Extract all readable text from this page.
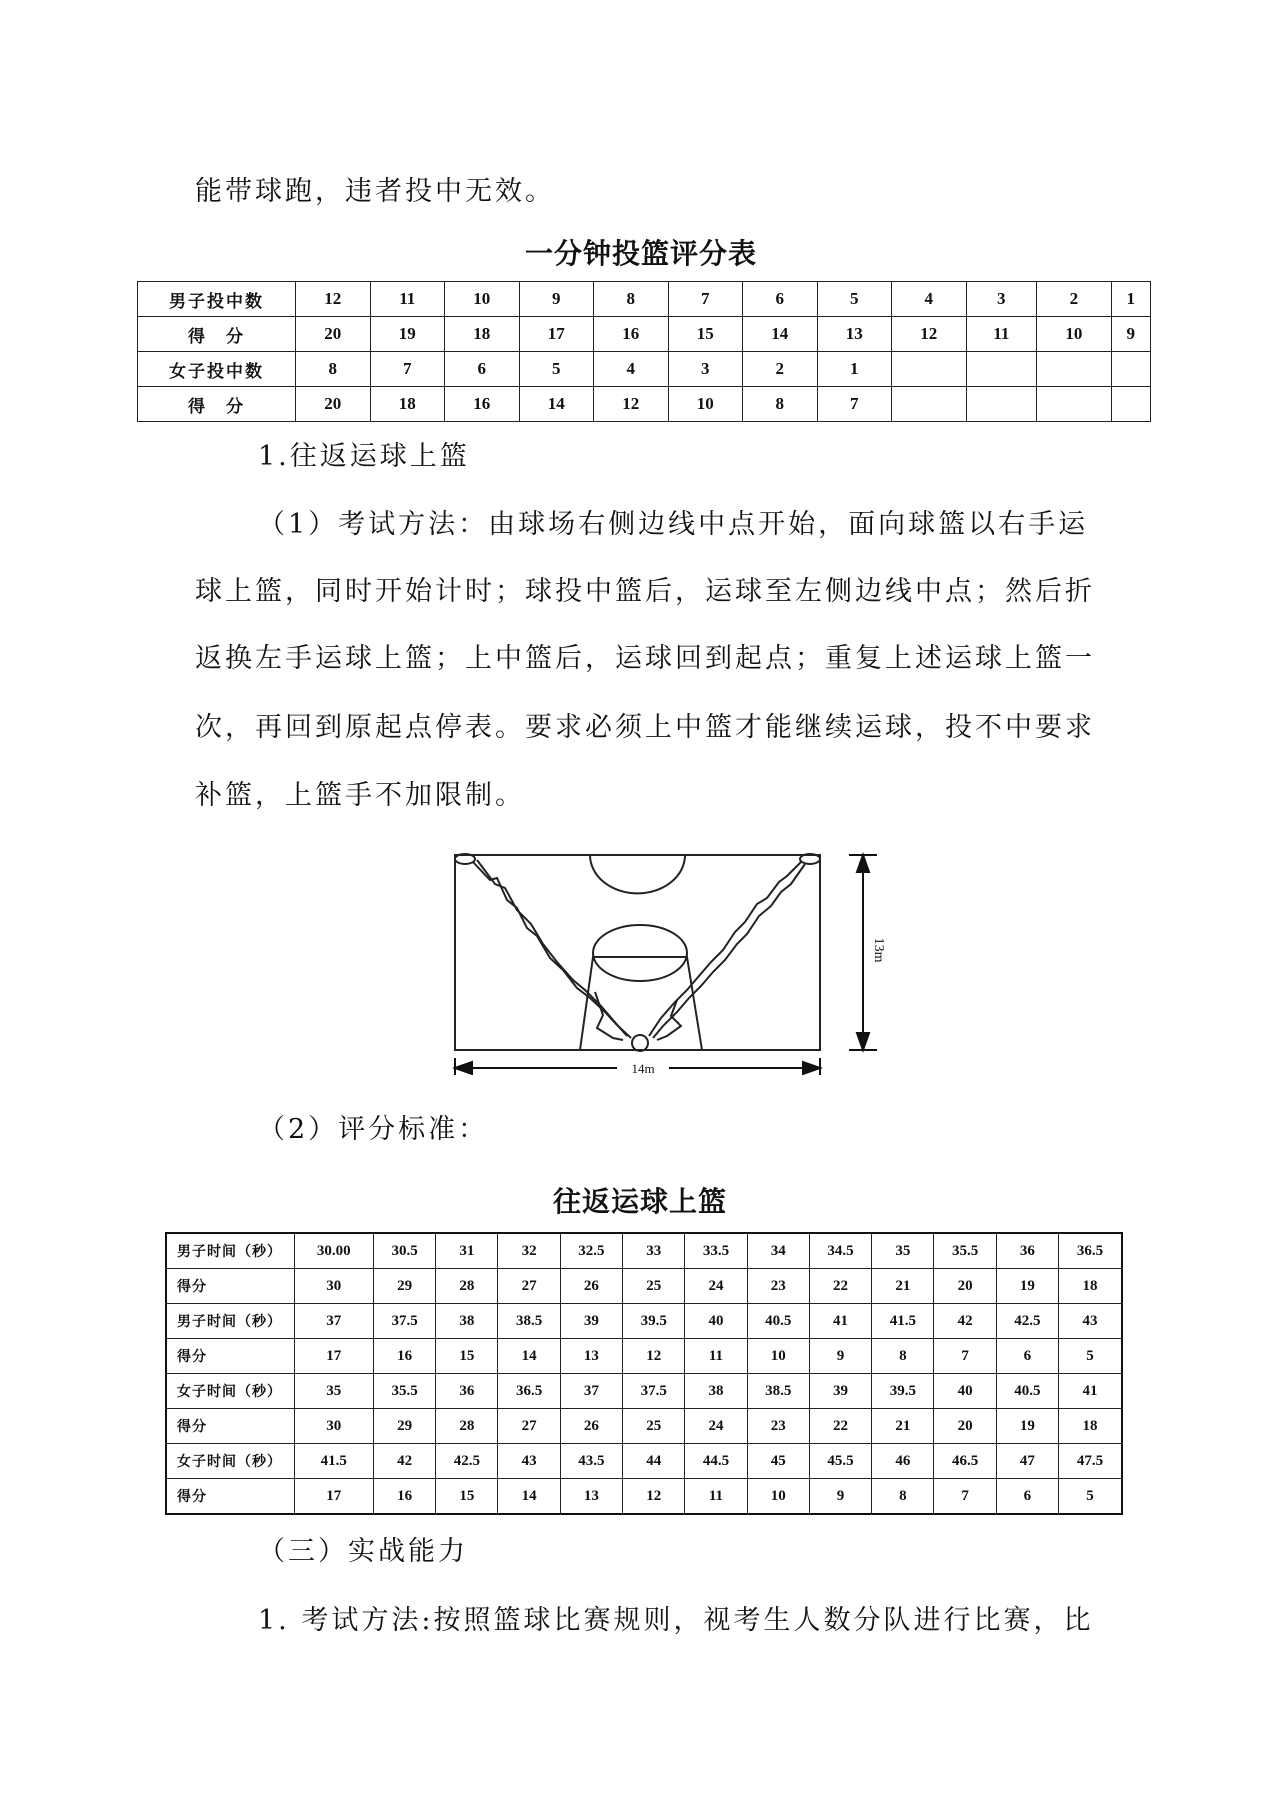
能带球跑，违者投中无效。
一分钟投篮评分表
男子投中数	12	11	10	9	8	7	6	5	4	3	2	1
得　分	20	19	18	17	16	15	14	13	12	11	10	9
女子投中数	8	7	6	5	4	3	2	1				
得　分	20	18	16	14	12	10	8	7				
1.往返运球上篮
（1）考试方法：由球场右侧边线中点开始，面向球篮以右手运
球上篮，同时开始计时；球投中篮后，运球至左侧边线中点；然后折
返换左手运球上篮；上中篮后，运球回到起点；重复上述运球上篮一
次，再回到原起点停表。要求必须上中篮才能继续运球，投不中要求
补篮，上篮手不加限制。
13m
14m
（2）评分标准：
往返运球上篮
男子时间（秒）	30.00	30.5	31	32	32.5	33	33.5	34	34.5	35	35.5	36	36.5
得分	30	29	28	27	26	25	24	23	22	21	20	19	18
男子时间（秒）	37	37.5	38	38.5	39	39.5	40	40.5	41	41.5	42	42.5	43
得分	17	16	15	14	13	12	11	10	9	8	7	6	5
女子时间（秒）	35	35.5	36	36.5	37	37.5	38	38.5	39	39.5	40	40.5	41
得分	30	29	28	27	26	25	24	23	22	21	20	19	18
女子时间（秒）	41.5	42	42.5	43	43.5	44	44.5	45	45.5	46	46.5	47	47.5
得分	17	16	15	14	13	12	11	10	9	8	7	6	5
（三）实战能力
1. 考试方法:按照篮球比赛规则，视考生人数分队进行比赛，比
